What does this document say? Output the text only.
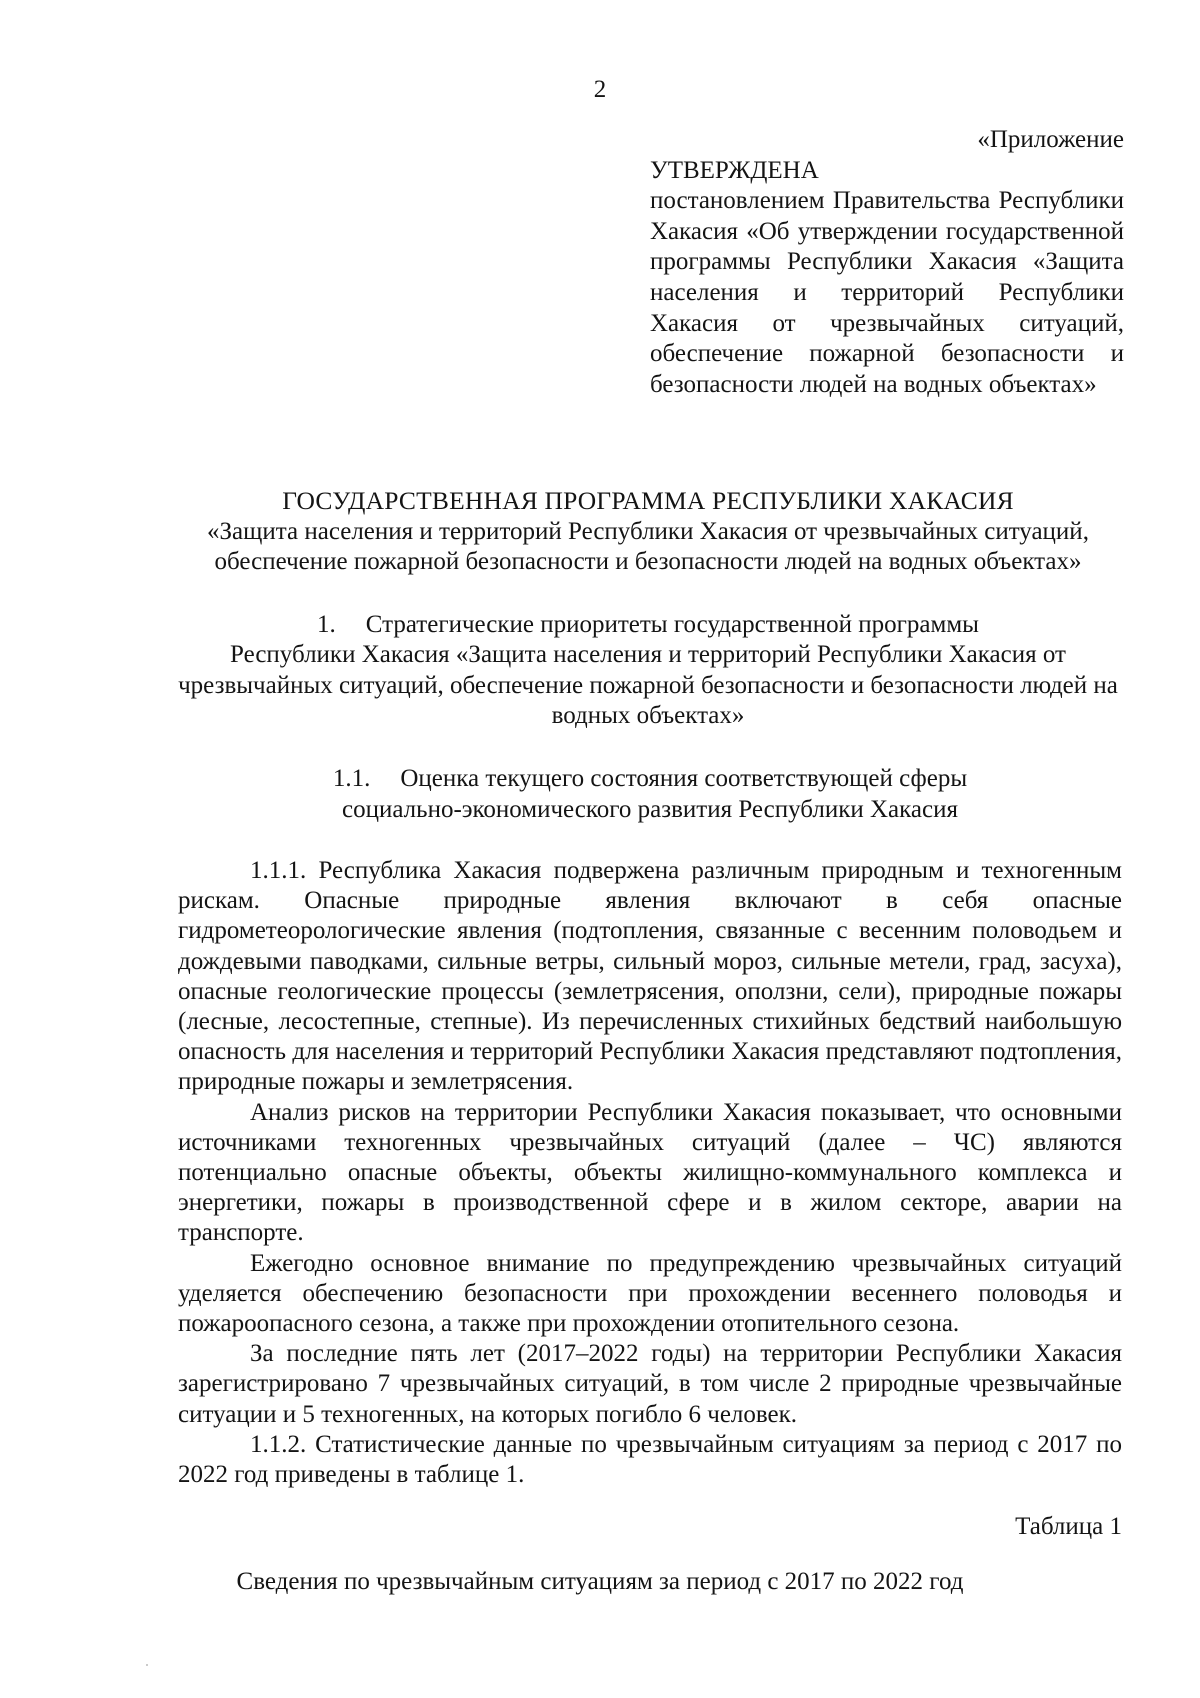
2
«Приложение
УТВЕРЖДЕНА
постановлением Правительства Республики Хакасия «Об утверждении государственной программы Республики Хакасия «Защита населения и территорий Республики Хакасия от чрезвычайных ситуаций, обеспечение пожарной безопасности и безопасности людей на водных объектах»
ГОСУДАРСТВЕННАЯ ПРОГРАММА РЕСПУБЛИКИ ХАКАСИЯ
«Защита населения и территорий Республики Хакасия от чрезвычайных ситуаций, обеспечение пожарной безопасности и безопасности людей на водных объектах»
1. Стратегические приоритеты государственной программы
Республики Хакасия «Защита населения и территорий Республики Хакасия от чрезвычайных ситуаций, обеспечение пожарной безопасности и безопасности людей на водных объектах»
1.1. Оценка текущего состояния соответствующей сферы
социально-экономического развития Республики Хакасия

1.1.1. Республика Хакасия подвержена различным природным и техногенным рискам. Опасные природные явления включают в себя опасные гидрометеорологические явления (подтопления, связанные с весенним половодьем и дождевыми паводками, сильные ветры, сильный мороз, сильные метели, град, засуха), опасные геологические процессы (землетрясения, оползни, сели), природные пожары (лесные, лесостепные, степные). Из перечисленных стихийных бедствий наибольшую опасность для населения и территорий Республики Хакасия представляют подтопления, природные пожары и землетрясения.

Анализ рисков на территории Республики Хакасия показывает, что основными источниками техногенных чрезвычайных ситуаций (далее – ЧС) являются потенциально опасные объекты, объекты жилищно-коммунального комплекса и энергетики, пожары в производственной сфере и в жилом секторе, аварии на транспорте.

Ежегодно основное внимание по предупреждению чрезвычайных ситуаций уделяется обеспечению безопасности при прохождении весеннего половодья и пожароопасного сезона, а также при прохождении отопительного сезона.

За последние пять лет (2017–2022 годы) на территории Республики Хакасия зарегистрировано 7 чрезвычайных ситуаций, в том числе 2 природные чрезвычайные ситуации и 5 техногенных, на которых погибло 6 человек.

1.1.2. Статистические данные по чрезвычайным ситуациям за период с 2017 по 2022 год приведены в таблице 1.

Таблица 1
Сведения по чрезвычайным ситуациям за период с 2017 по 2022 год
